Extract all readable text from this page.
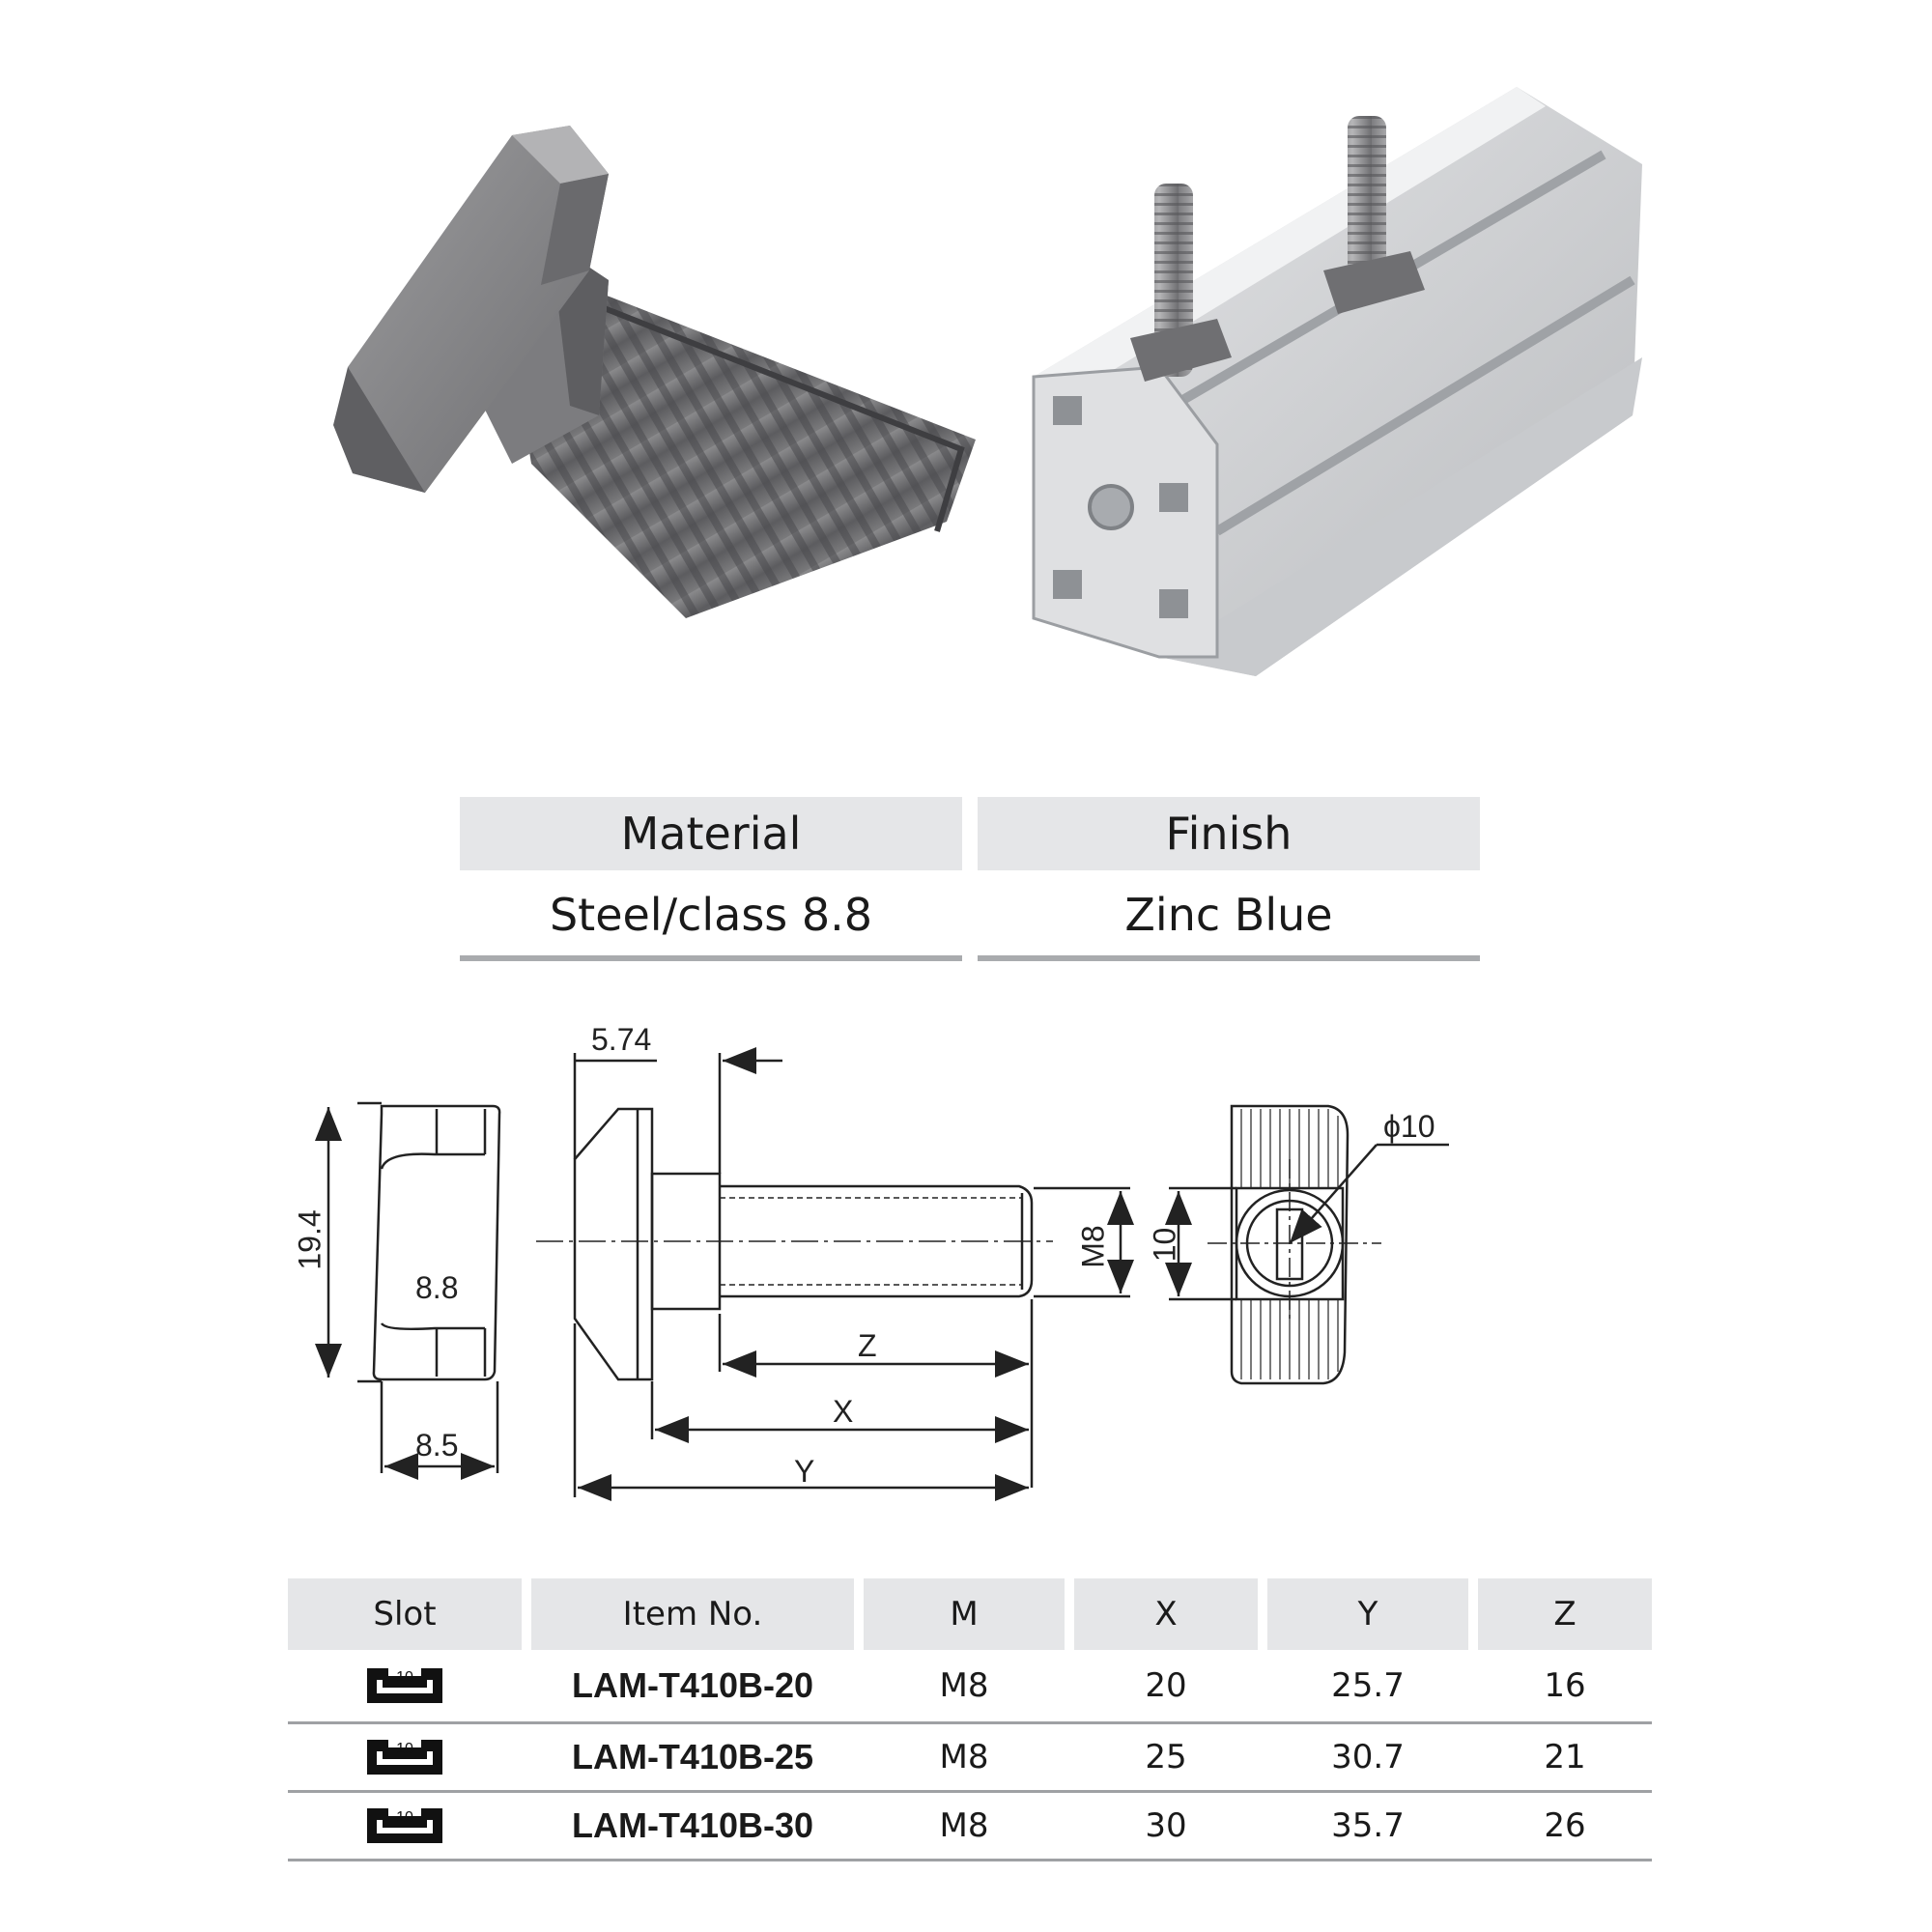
Material	Finish
Steel/class 8.8	Zinc Blue
19.4
8.8
8.5
5.74
M8
Z
X
Y
10
ϕ10
Slot	Item No.	M	X	Y	Z
10	LAM-T410B-20	M8	20	25.7	16
10	LAM-T410B-25	M8	25	30.7	21
10	LAM-T410B-30	M8	30	35.7	26
